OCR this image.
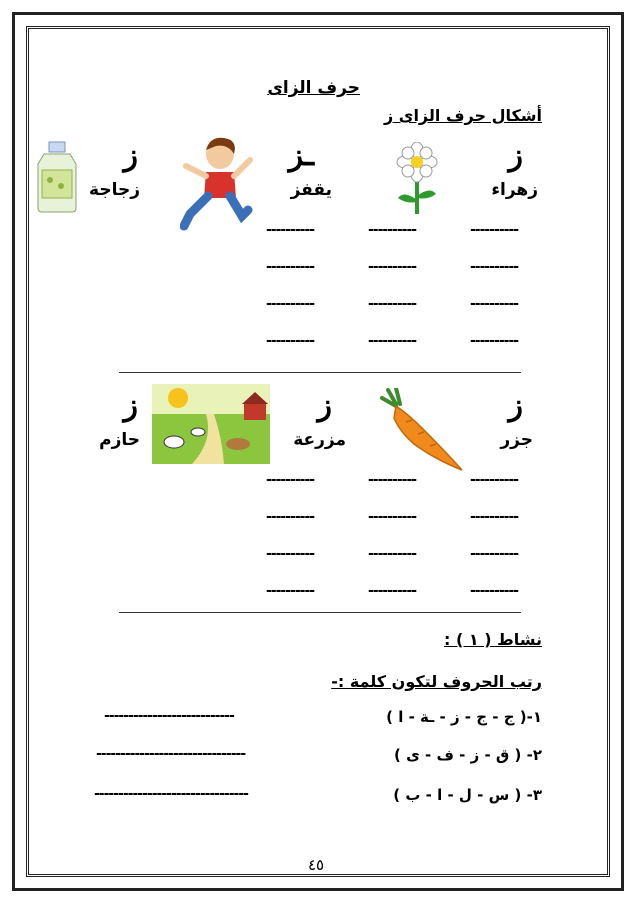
حرف الزاى
أشكال حرف الزاى ز
ز
ـز
ز
زهراء
يقفز
زجاجة
----------
----------
----------
----------
----------
----------
----------
----------
----------
----------
----------
----------
ز
ز
ز
جزر
مزرعة
حازم
----------
----------
----------
----------
----------
----------
----------
----------
----------
----------
----------
----------
نشاط ( ١ ) :
رتب الحروف لتكون كلمة :-
١-( ج - ج - ز - ـة - ا )
---------------------------
٢- ( ق - ز - ف - ى )
-------------------------------
٣- ( س - ل - ا - ب )
--------------------------------
٤٥
